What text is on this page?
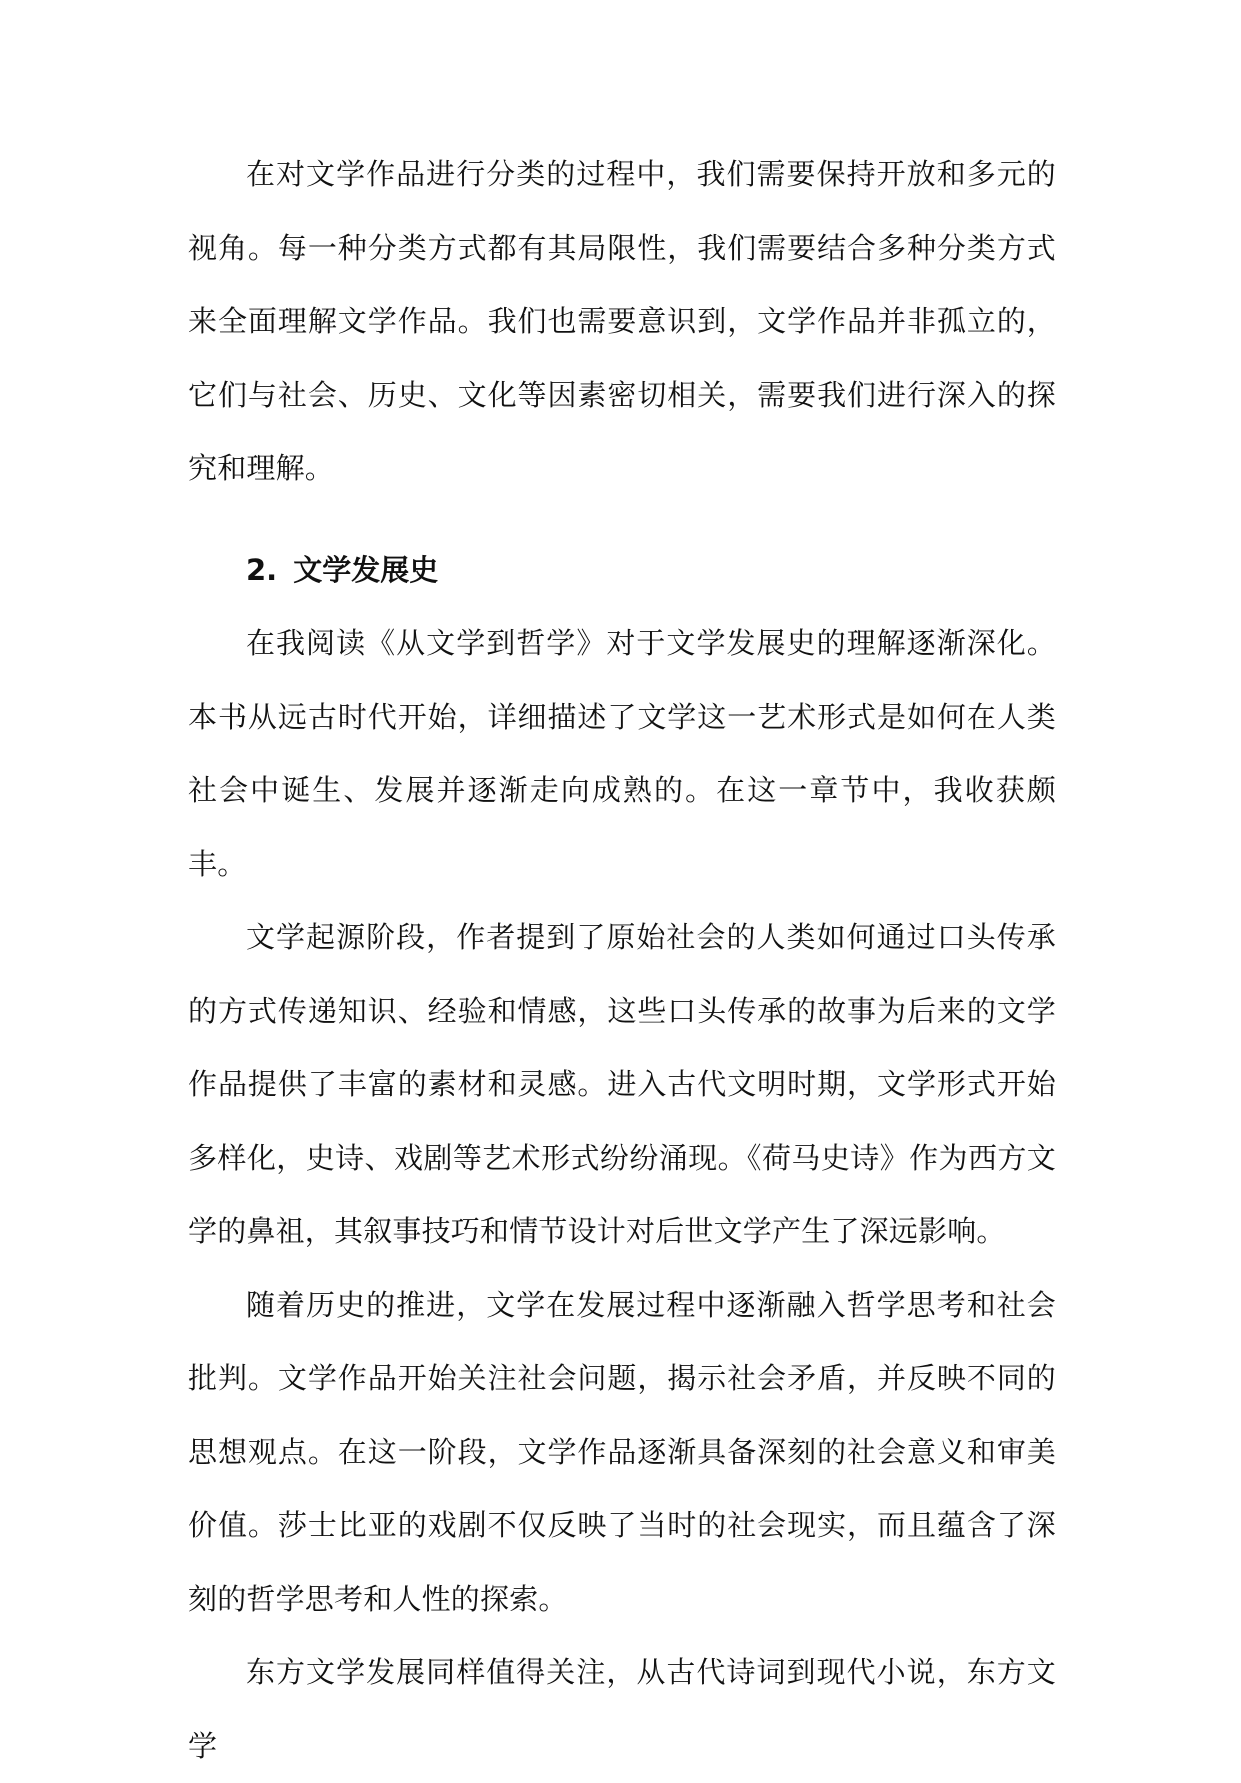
在对文学作品进行分类的过程中，我们需要保持开放和多元的视角。每一种分类方式都有其局限性，我们需要结合多种分类方式来全面理解文学作品。我们也需要意识到，文学作品并非孤立的，它们与社会、历史、文化等因素密切相关，需要我们进行深入的探究和理解。

2. 文学发展史

在我阅读《从文学到哲学》对于文学发展史的理解逐渐深化。本书从远古时代开始，详细描述了文学这一艺术形式是如何在人类社会中诞生、发展并逐渐走向成熟的。在这一章节中，我收获颇丰。

文学起源阶段，作者提到了原始社会的人类如何通过口头传承的方式传递知识、经验和情感，这些口头传承的故事为后来的文学作品提供了丰富的素材和灵感。进入古代文明时期，文学形式开始多样化，史诗、戏剧等艺术形式纷纷涌现。《荷马史诗》作为西方文学的鼻祖，其叙事技巧和情节设计对后世文学产生了深远影响。

随着历史的推进，文学在发展过程中逐渐融入哲学思考和社会批判。文学作品开始关注社会问题，揭示社会矛盾，并反映不同的思想观点。在这一阶段，文学作品逐渐具备深刻的社会意义和审美价值。莎士比亚的戏剧不仅反映了当时的社会现实，而且蕴含了深刻的哲学思考和人性的探索。

东方文学发展同样值得关注，从古代诗词到现代小说，东方文学
